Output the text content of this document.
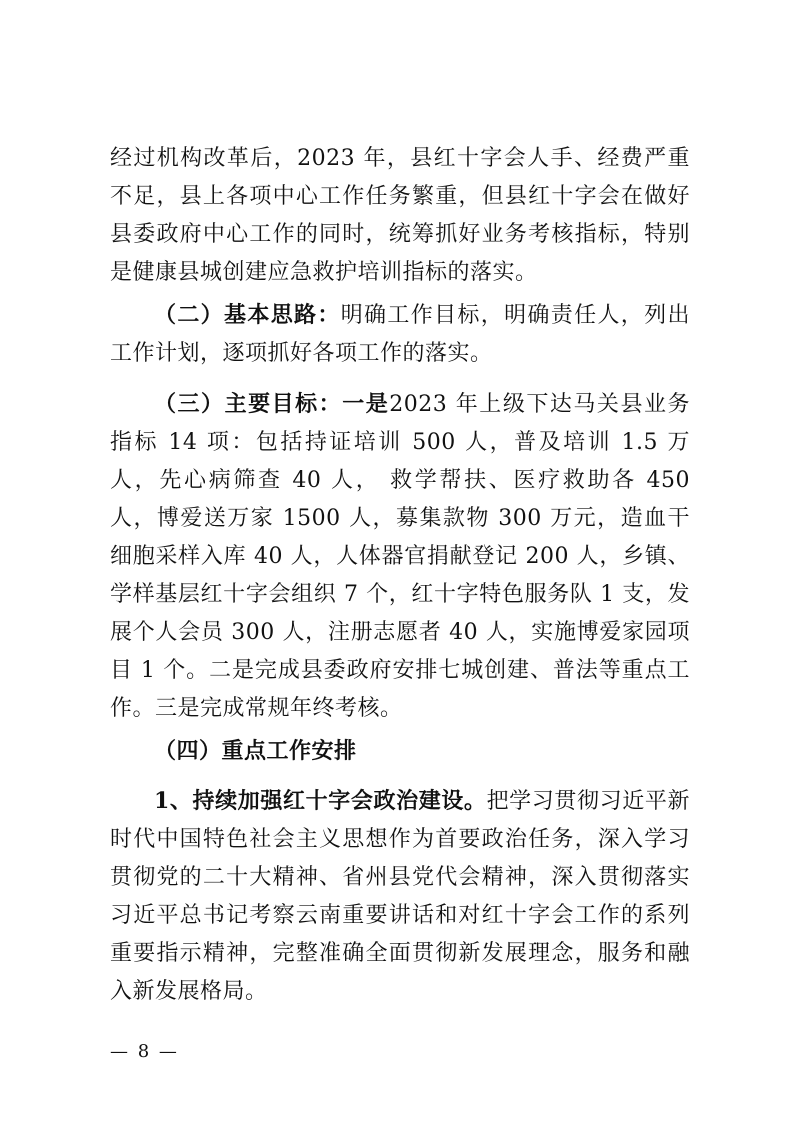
经过机构改革后，2023 年，县红十字会人手、经费严重不足，县上各项中心工作任务繁重，但县红十字会在做好县委政府中心工作的同时，统筹抓好业务考核指标，特别是健康县城创建应急救护培训指标的落实。

（二）基本思路：明确工作目标，明确责任人，列出工作计划，逐项抓好各项工作的落实。

（三）主要目标：一是2023 年上级下达马关县业务指标 14 项：包括持证培训 500 人，普及培训 1.5 万人，先心病筛查 40 人， 救学帮扶、医疗救助各 450 人，博爱送万家 1500 人，募集款物 300 万元，造血干细胞采样入库 40 人，人体器官捐献登记 200 人，乡镇、学样基层红十字会组织 7 个，红十字特色服务队 1 支，发展个人会员 300 人，注册志愿者 40 人，实施博爱家园项目 1 个。二是完成县委政府安排七城创建、普法等重点工作。三是完成常规年终考核。

（四）重点工作安排

1、持续加强红十字会政治建设。把学习贯彻习近平新时代中国特色社会主义思想作为首要政治任务，深入学习贯彻党的二十大精神、省州县党代会精神，深入贯彻落实习近平总书记考察云南重要讲话和对红十字会工作的系列重要指示精神，完整准确全面贯彻新发展理念，服务和融入新发展格局。

— 8 —
